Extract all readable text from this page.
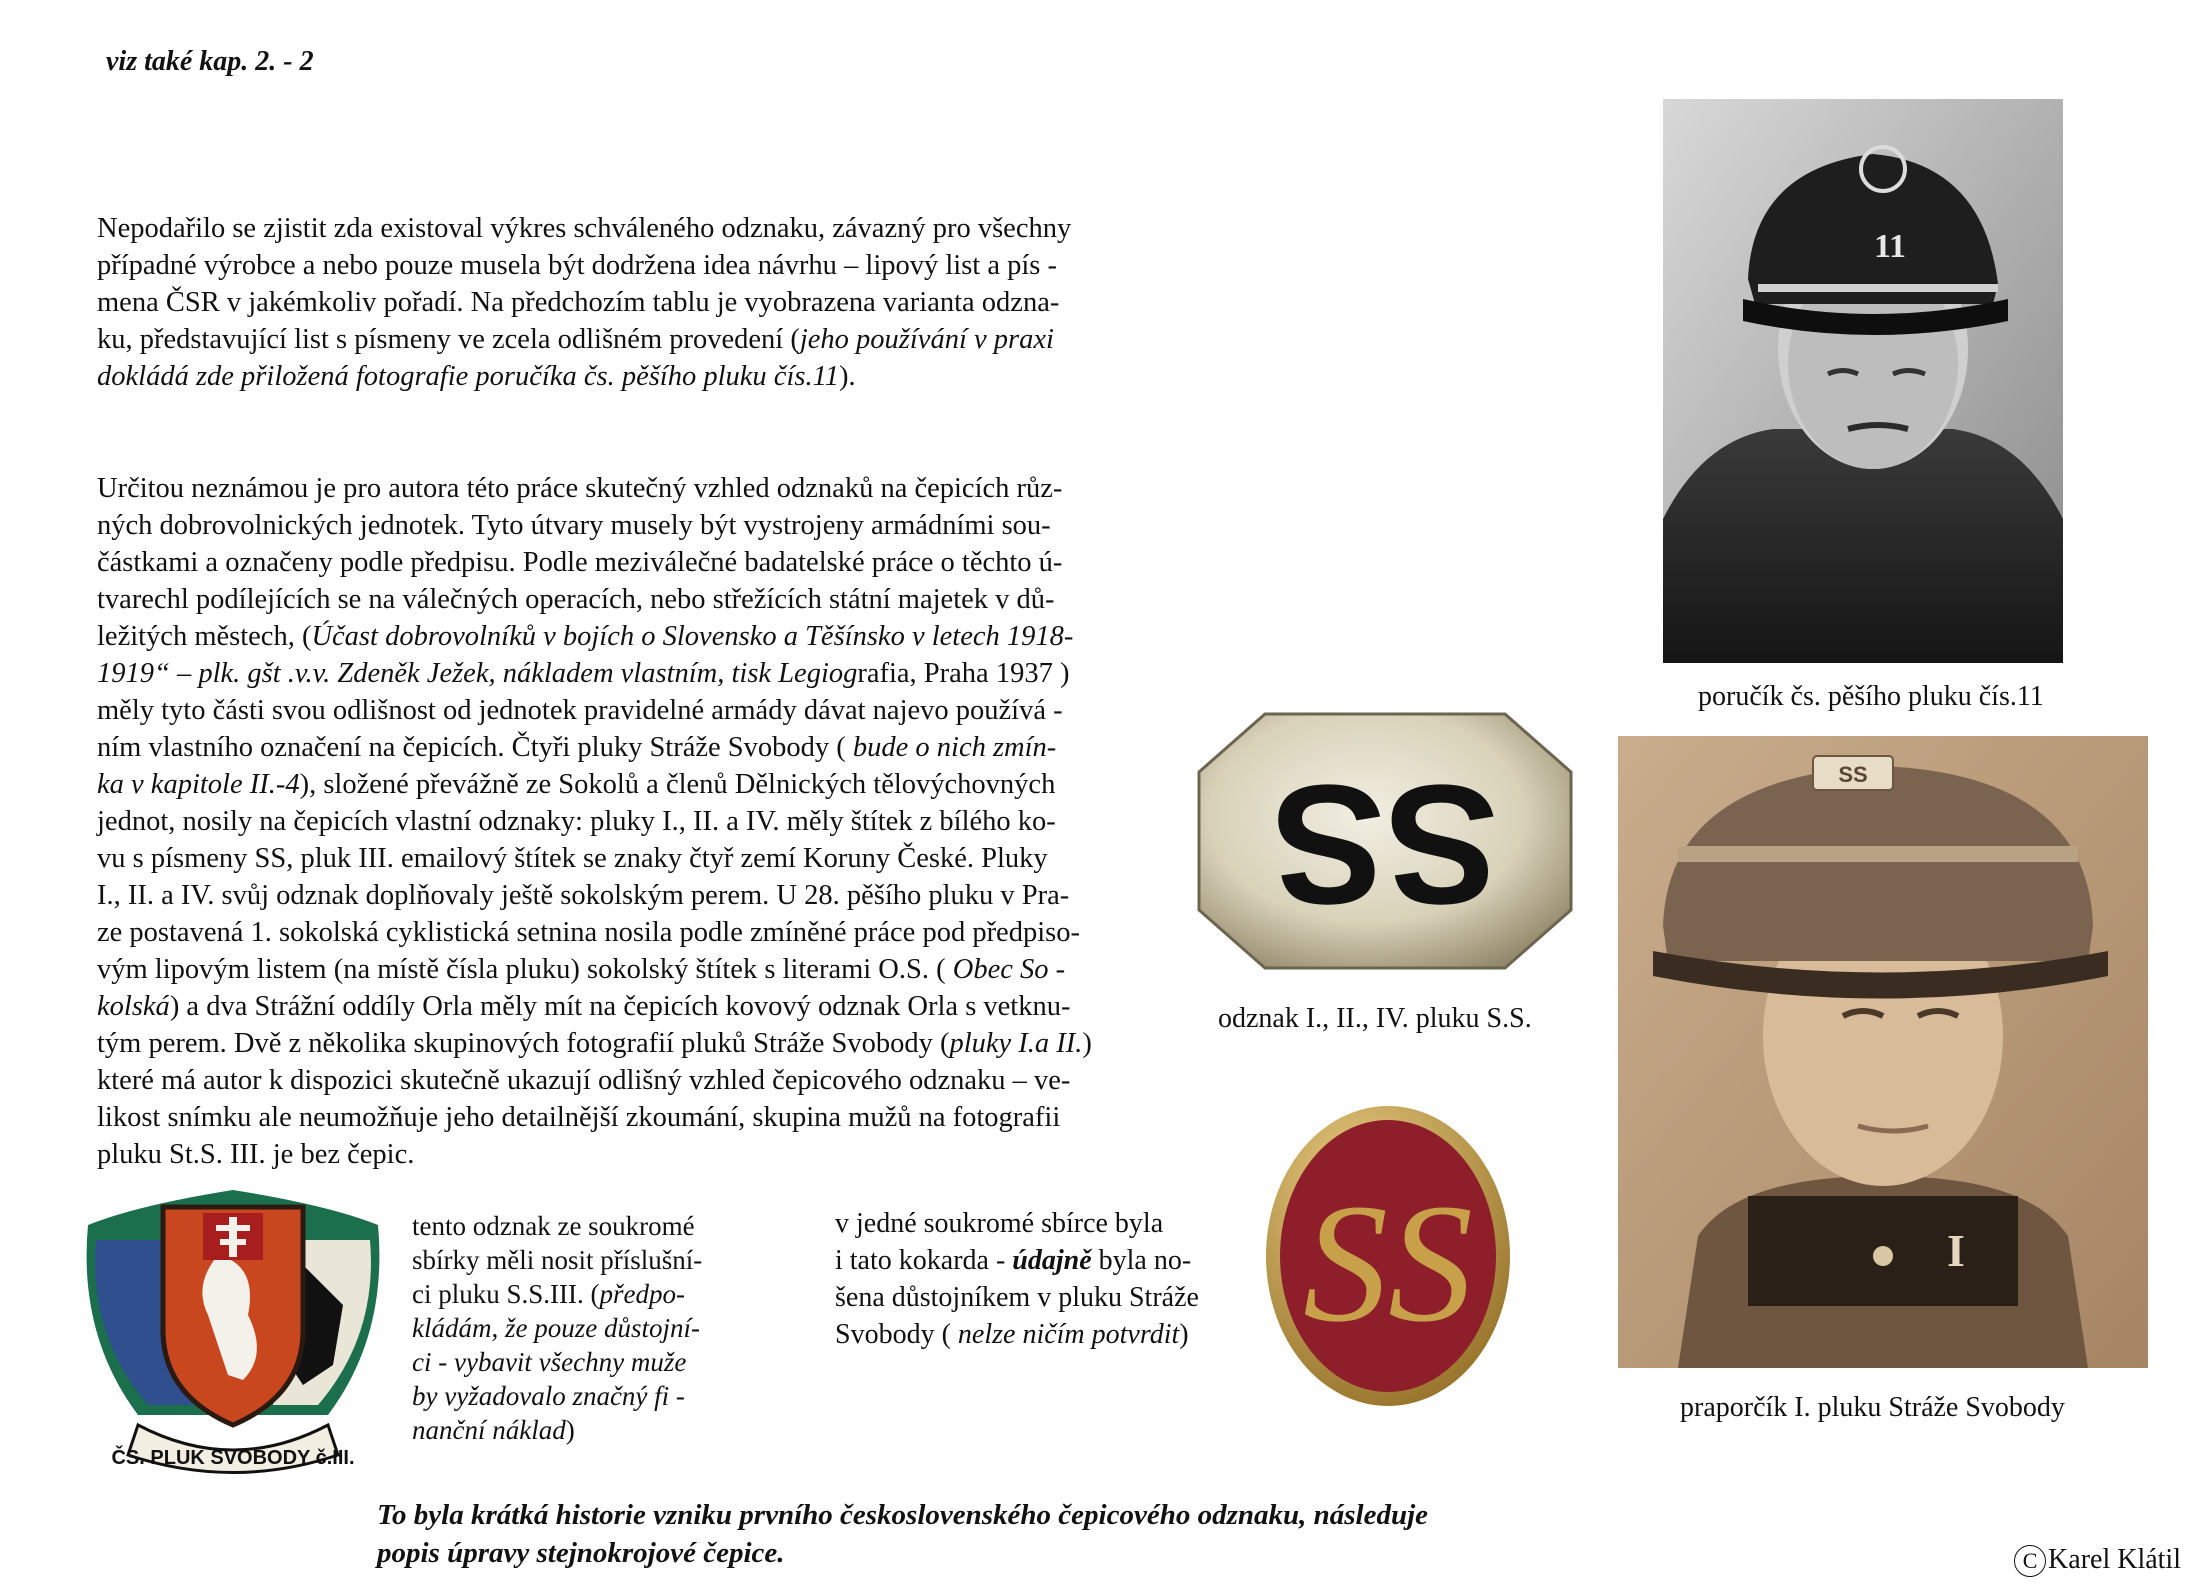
viz také kap. 2. - 2
Nepodařilo se zjistit zda existoval výkres schváleného odznaku, závazný pro všechny
případné výrobce a nebo pouze musela být dodržena idea návrhu – lipový list a pís -
mena ČSR v jakémkoliv pořadí. Na předchozím tablu je vyobrazena varianta odzna-
ku, představující list s písmeny ve zcela odlišném provedení (jeho používání v praxi
dokládá zde přiložená fotografie poručíka čs. pěšího pluku čís.11).
Určitou neznámou je pro autora této práce skutečný vzhled odznaků na čepicích růz-
ných dobrovolnických jednotek. Tyto útvary musely být vystrojeny armádními sou-
částkami a označeny podle předpisu. Podle meziválečné badatelské práce o těchto ú-
tvarechl podílejících se na válečných operacích, nebo střežících státní majetek v dů-
ležitých městech, (Účast dobrovolníků v bojích o Slovensko a Těšínsko v letech 1918-
1919“ – plk. gšt .v.v. Zdeněk Ježek, nákladem vlastním, tisk Legiografia, Praha 1937 )
měly tyto části svou odlišnost od jednotek pravidelné armády dávat najevo používá -
ním vlastního označení na čepicích. Čtyři pluky Stráže Svobody ( bude o nich zmín-
ka v kapitole II.-4), složené převážně ze Sokolů a členů Dělnických tělovýchovných
jednot, nosily na čepicích vlastní odznaky: pluky I., II. a IV. měly štítek z bílého ko-
vu s písmeny SS, pluk III. emailový štítek se znaky čtyř zemí Koruny České. Pluky
I., II. a IV. svůj odznak doplňovaly ještě sokolským perem. U 28. pěšího pluku v Pra-
ze postavená 1. sokolská cyklistická setnina nosila podle zmíněné práce pod předpiso-
vým lipovým listem (na místě čísla pluku) sokolský štítek s literami O.S. ( Obec So -
kolská) a dva Strážní oddíly Orla měly mít na čepicích kovový odznak Orla s vetknu-
tým perem. Dvě z několika skupinových fotografií pluků Stráže Svobody (pluky I.a II.)
které má autor k dispozici skutečně ukazují odlišný vzhled čepicového odznaku – ve-
likost snímku ale neumožňuje jeho detailnější zkoumání, skupina mužů na fotografii
pluku St.S. III. je bez čepic.
11
poručík čs. pěšího pluku čís.11
SS
odznak I., II., IV. pluku S.S.
I
SS
praporčík I. pluku Stráže Svobody
ČS. PLUK SVOBODY č.III.
tento odznak ze soukromé
sbírky měli nosit příslušní-
ci pluku S.S.III. (předpo-
kládám, že pouze důstojní-
ci - vybavit všechny muže
by vyžadovalo značný fi -
nanční náklad)
v jedné soukromé sbírce byla
i tato kokarda - údajně byla no-
šena důstojníkem v pluku Stráže
Svobody ( nelze ničím potvrdit) SS
To byla krátká historie vzniku prvního československého čepicového odznaku, následuje
popis úpravy stejnokrojové čepice.	C Karel Klátil
